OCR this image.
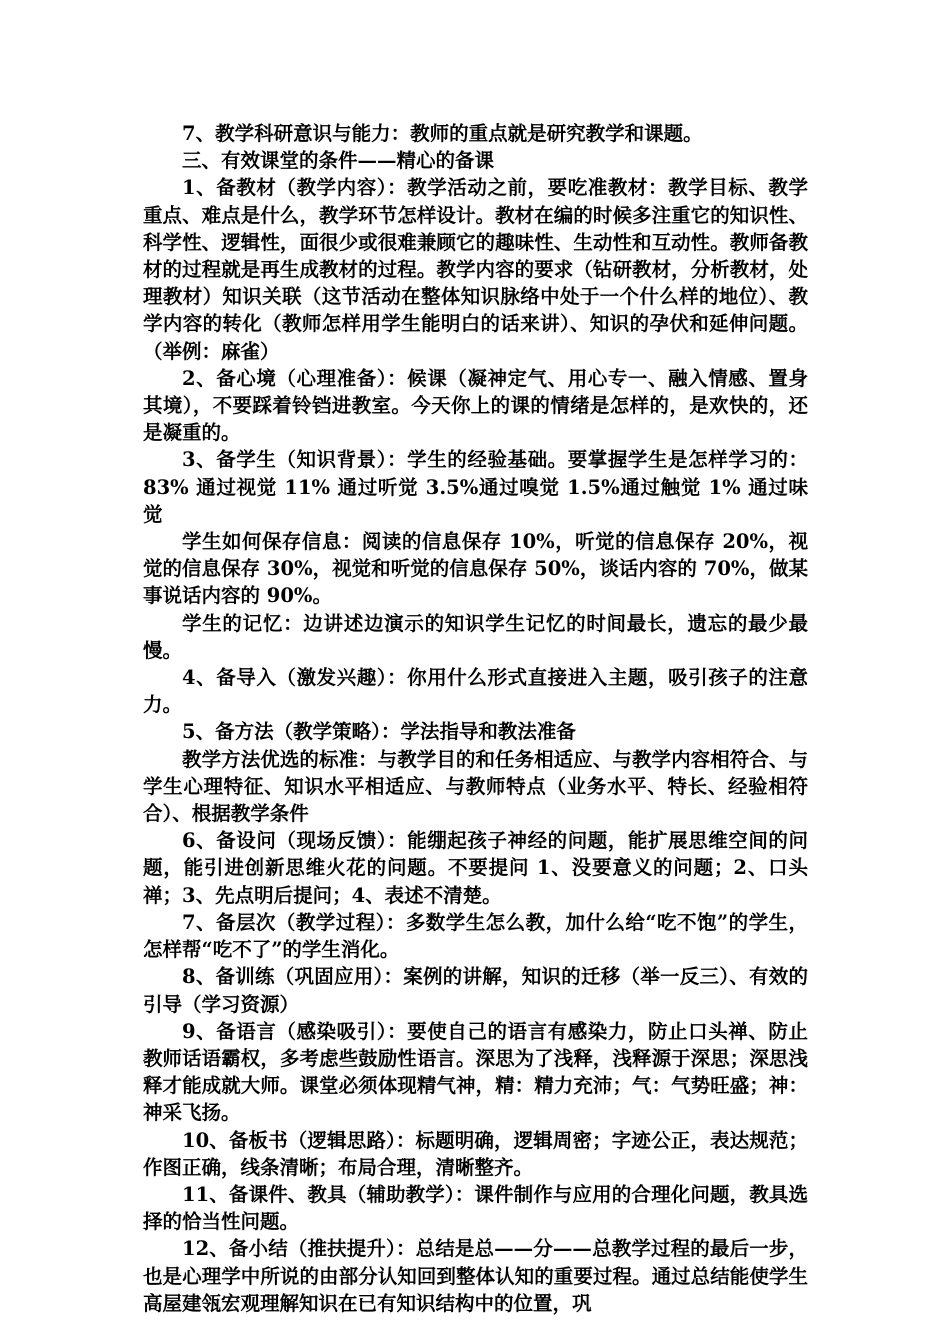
7、教学科研意识与能力：教师的重点就是研究教学和课题。

三、有效课堂的条件——精心的备课

1、备教材（教学内容）：教学活动之前，要吃准教材：教学目标、教学重点、难点是什么，教学环节怎样设计。教材在编的时候多注重它的知识性、科学性、逻辑性，面很少或很难兼顾它的趣味性、生动性和互动性。教师备教材的过程就是再生成教材的过程。教学内容的要求（钻研教材，分析教材，处理教材）知识关联（这节活动在整体知识脉络中处于一个什么样的地位）、教学内容的转化（教师怎样用学生能明白的话来讲）、知识的孕伏和延伸问题。（举例：麻雀）

2、备心境（心理准备）：候课（凝神定气、用心专一、融入情感、置身其境），不要踩着铃铛进教室。今天你上的课的情绪是怎样的，是欢快的，还是凝重的。

3、备学生（知识背景）：学生的经验基础。要掌握学生是怎样学习的：83% 通过视觉 11% 通过听觉 3.5%通过嗅觉 1.5%通过触觉 1% 通过味觉

学生如何保存信息：阅读的信息保存 10%，听觉的信息保存 20%，视觉的信息保存 30%，视觉和听觉的信息保存 50%，谈话内容的 70%，做某事说话内容的 90%。

学生的记忆：边讲述边演示的知识学生记忆的时间最长，遗忘的最少最慢。

4、备导入（激发兴趣）：你用什么形式直接进入主题，吸引孩子的注意力。

5、备方法（教学策略）：学法指导和教法准备

教学方法优选的标准：与教学目的和任务相适应、与教学内容相符合、与学生心理特征、知识水平相适应、与教师特点（业务水平、特长、经验相符合）、根据教学条件

6、备设问（现场反馈）：能绷起孩子神经的问题，能扩展思维空间的问题，能引进创新思维火花的问题。不要提问 1、没要意义的问题；2、口头禅；3、先点明后提问；4、表述不清楚。

7、备层次（教学过程）：多数学生怎么教，加什么给“吃不饱”的学生，怎样帮“吃不了”的学生消化。

8、备训练（巩固应用）：案例的讲解，知识的迁移（举一反三）、有效的引导（学习资源）

9、备语言（感染吸引）：要使自己的语言有感染力，防止口头禅、防止教师话语霸权，多考虑些鼓励性语言。深思为了浅释，浅释源于深思；深思浅释才能成就大师。课堂必须体现精气神，精：精力充沛；气：气势旺盛；神：神采飞扬。

10、备板书（逻辑思路）：标题明确，逻辑周密；字迹公正，表达规范；作图正确，线条清晰；布局合理，清晰整齐。

11、备课件、教具（辅助教学）：课件制作与应用的合理化问题，教具选择的恰当性问题。

12、备小结（推扶提升）：总结是总——分——总教学过程的最后一步，也是心理学中所说的由部分认知回到整体认知的重要过程。通过总结能使学生高屋建瓴宏观理解知识在已有知识结构中的位置，巩
